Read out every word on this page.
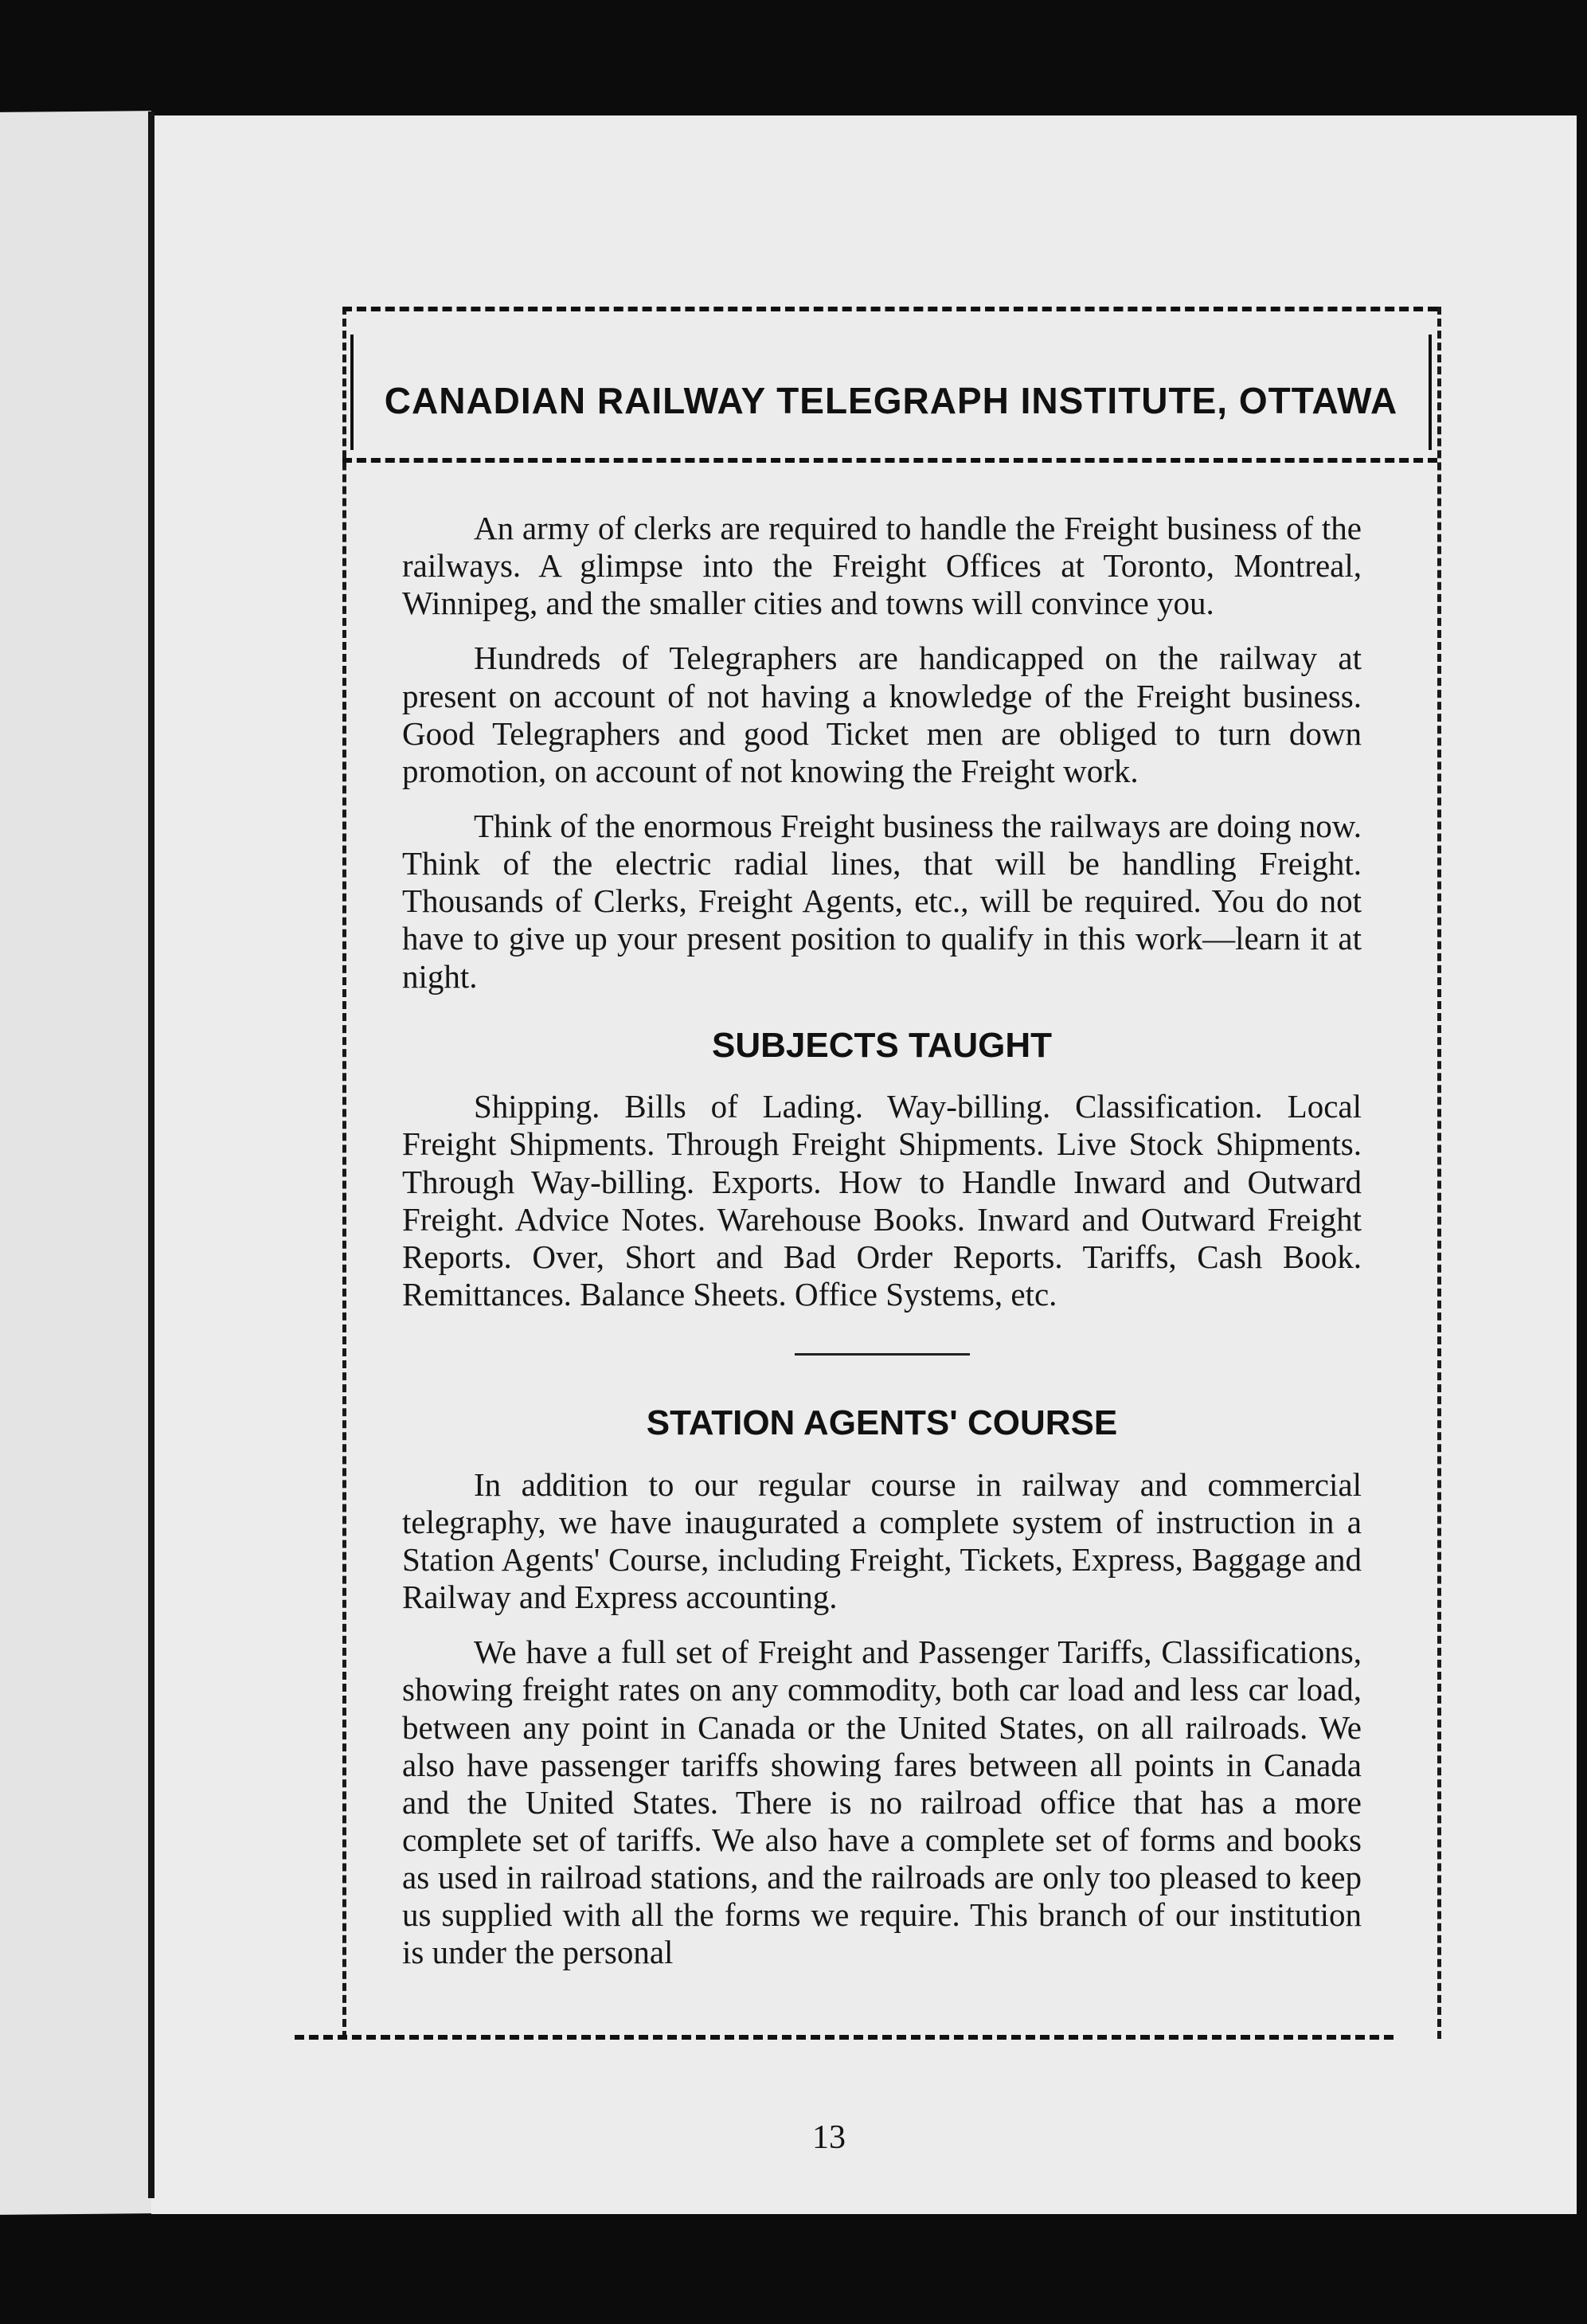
CANADIAN RAILWAY TELEGRAPH INSTITUTE, OTTAWA

An army of clerks are required to handle the Freight business of the railways. A glimpse into the Freight Offices at Toronto, Montreal, Winnipeg, and the smaller cities and towns will convince you.

Hundreds of Telegraphers are handicapped on the railway at present on account of not having a knowledge of the Freight business. Good Telegraphers and good Ticket men are obliged to turn down promotion, on account of not knowing the Freight work.

Think of the enormous Freight business the railways are doing now. Think of the electric radial lines, that will be handling Freight. Thousands of Clerks, Freight Agents, etc., will be required. You do not have to give up your present position to qualify in this work—learn it at night.

SUBJECTS TAUGHT

Shipping. Bills of Lading. Way-billing. Classification. Local Freight Shipments. Through Freight Shipments. Live Stock Shipments. Through Way-billing. Exports. How to Handle Inward and Outward Freight. Advice Notes. Warehouse Books. Inward and Outward Freight Reports. Over, Short and Bad Order Reports. Tariffs, Cash Book. Remittances. Balance Sheets. Office Systems, etc.

STATION AGENTS' COURSE

In addition to our regular course in railway and commercial telegraphy, we have inaugurated a complete system of instruction in a Station Agents' Course, including Freight, Tickets, Express, Baggage and Railway and Express accounting.

We have a full set of Freight and Passenger Tariffs, Classifications, showing freight rates on any commodity, both car load and less car load, between any point in Canada or the United States, on all railroads. We also have passenger tariffs showing fares between all points in Canada and the United States. There is no railroad office that has a more complete set of tariffs. We also have a complete set of forms and books as used in railroad stations, and the railroads are only too pleased to keep us supplied with all the forms we require. This branch of our institution is under the personal

13
